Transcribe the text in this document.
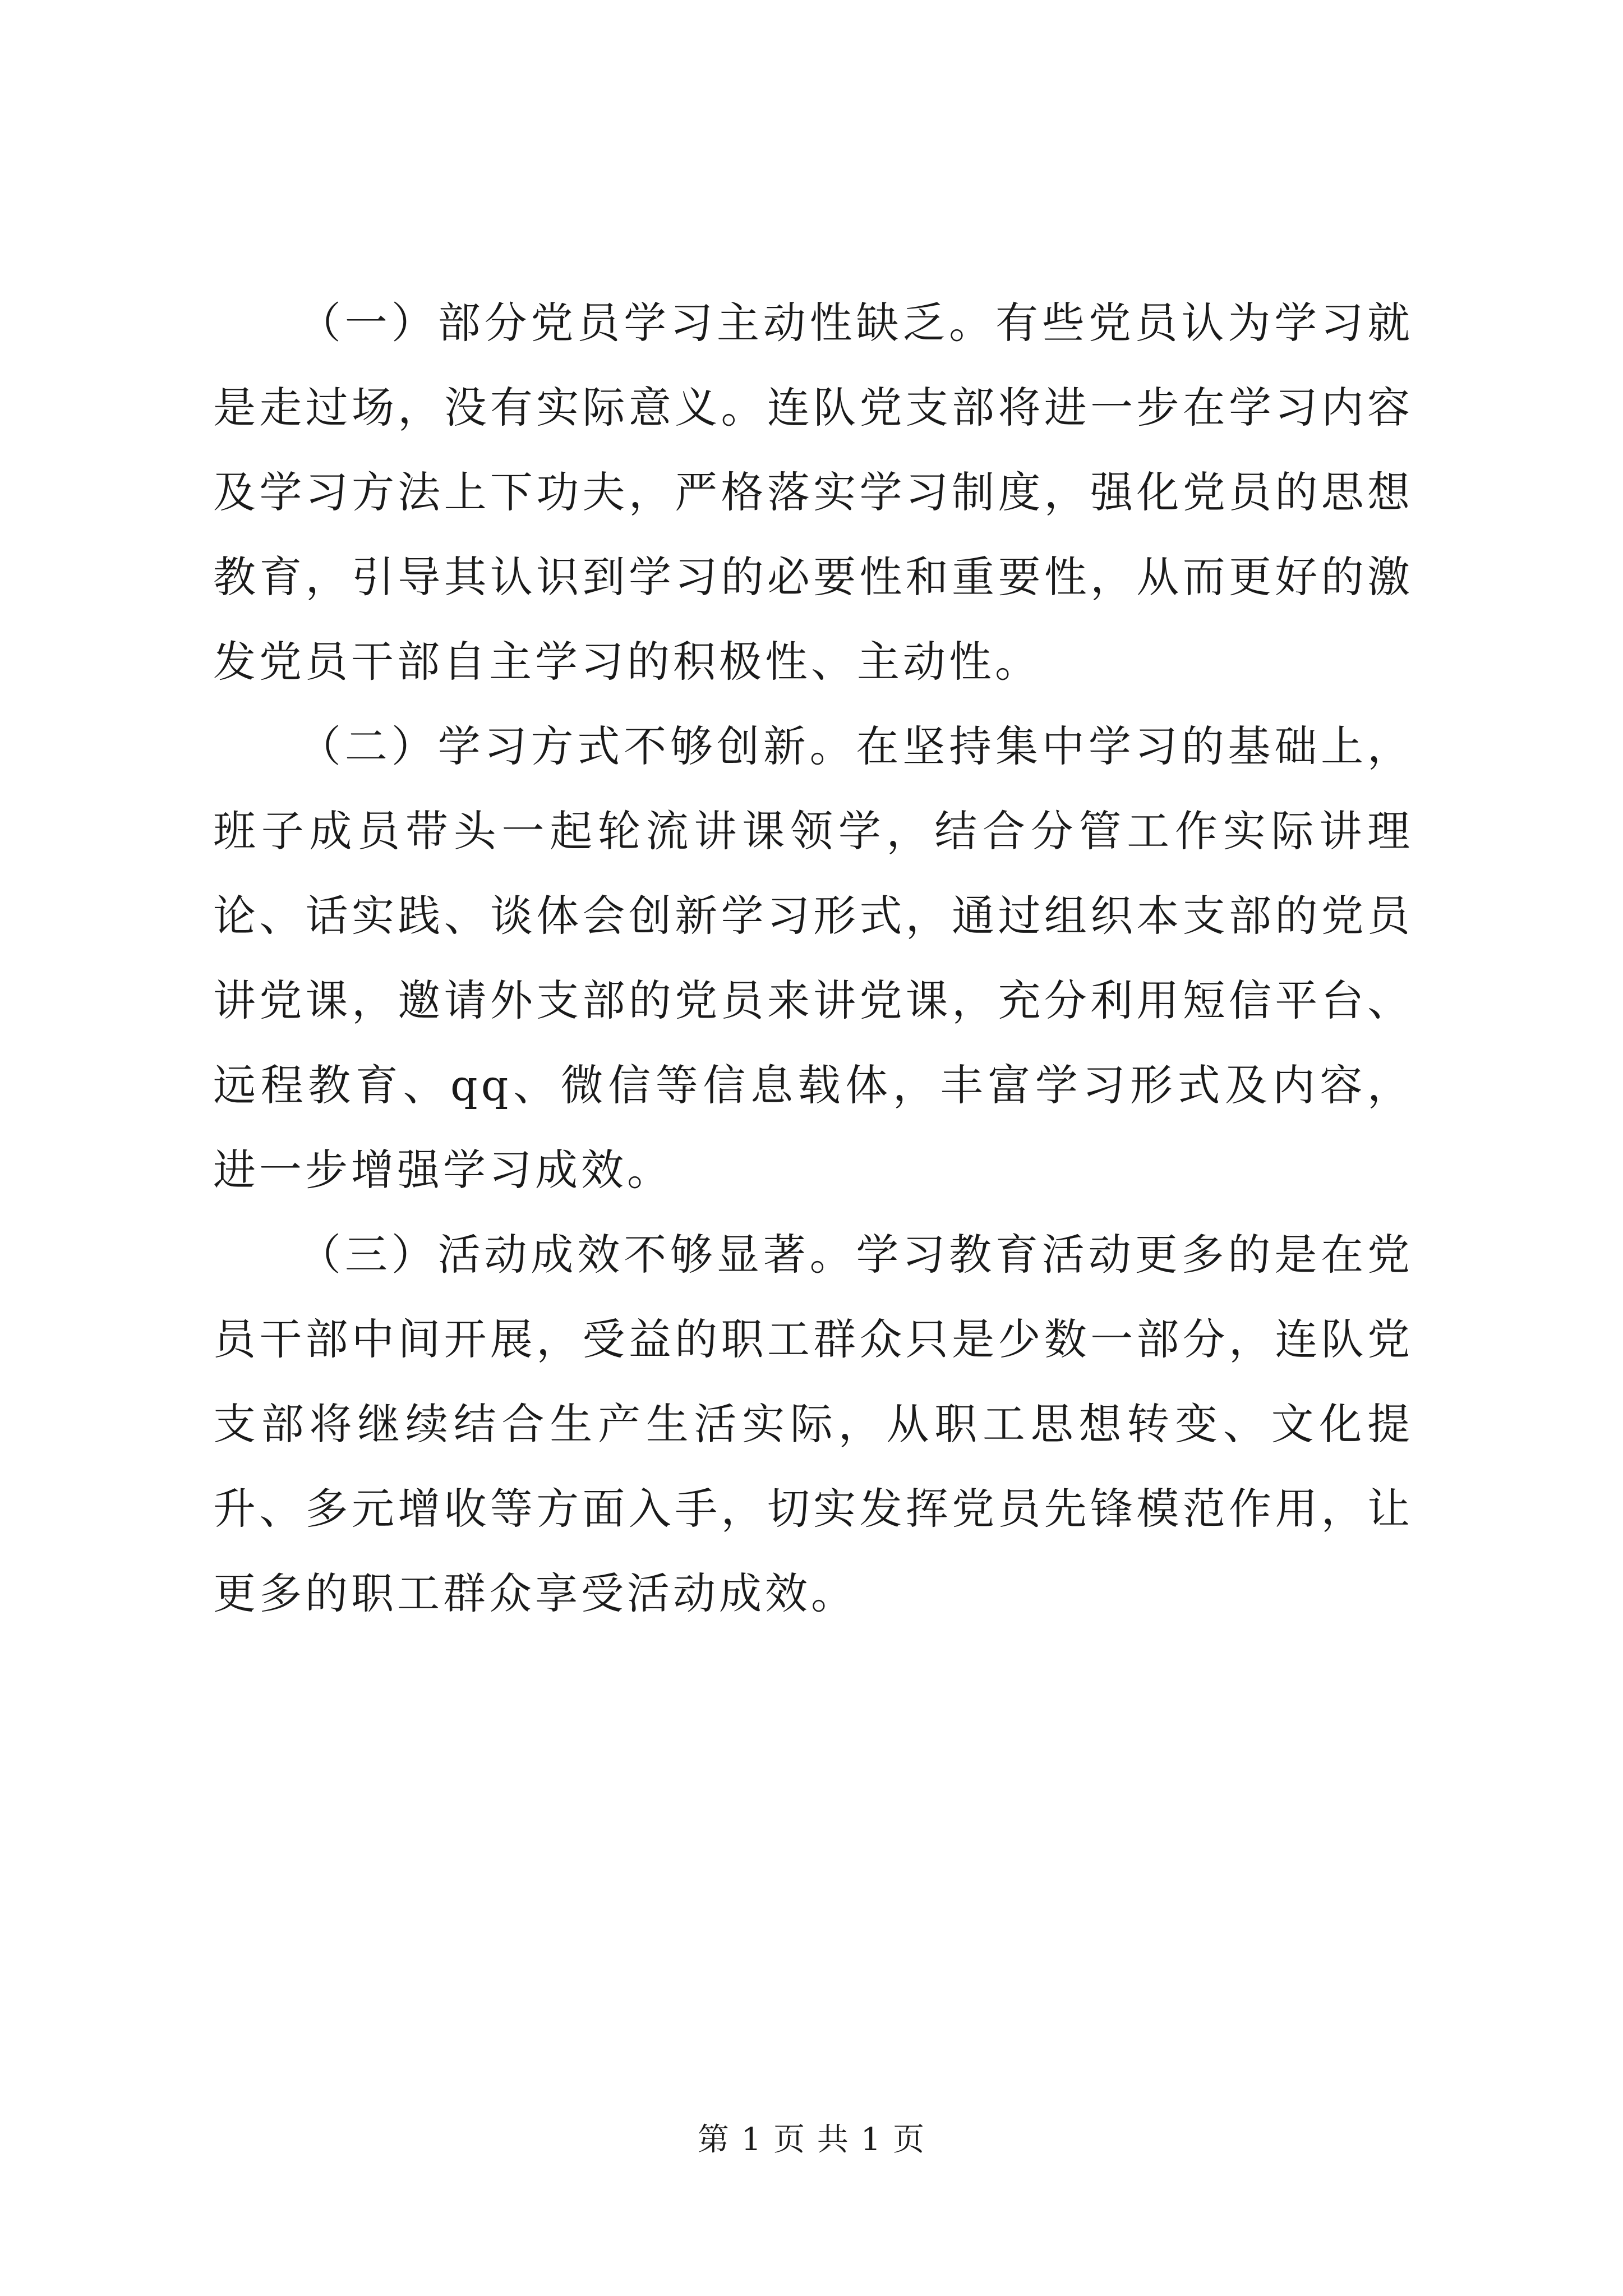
（一）部分党员学习主动性缺乏。有些党员认为学习就是走过场，没有实际意义。连队党支部将进一步在学习内容及学习方法上下功夫，严格落实学习制度，强化党员的思想教育，引导其认识到学习的必要性和重要性，从而更好的激发党员干部自主学习的积极性、主动性。

（二）学习方式不够创新。在坚持集中学习的基础上，班子成员带头一起轮流讲课领学，结合分管工作实际讲理论、话实践、谈体会创新学习形式，通过组织本支部的党员讲党课，邀请外支部的党员来讲党课，充分利用短信平台、远程教育、qq、微信等信息载体，丰富学习形式及内容，进一步增强学习成效。

（三）活动成效不够显著。学习教育活动更多的是在党员干部中间开展，受益的职工群众只是少数一部分，连队党支部将继续结合生产生活实际，从职工思想转变、文化提升、多元增收等方面入手，切实发挥党员先锋模范作用，让更多的职工群众享受活动成效。

第 1 页 共 1 页
